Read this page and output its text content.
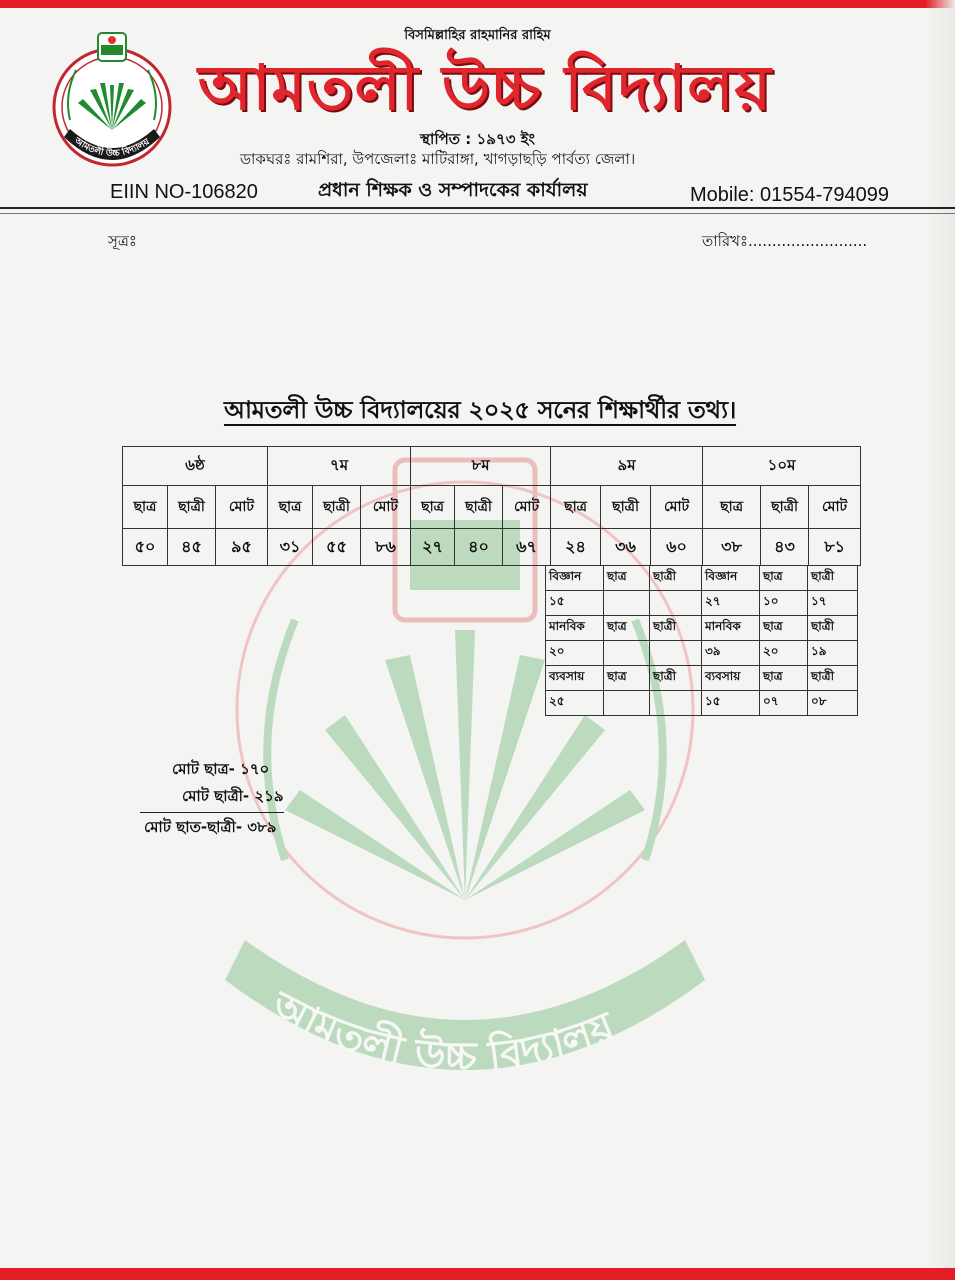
আমতলী উচ্চ বিদ্যালয়
বিসমিল্লাহির রাহমানির রাহিম
আমতলী উচ্চ বিদ্যালয়
স্থাপিত : ১৯৭৩ ইং
ডাকঘরঃ রামশিরা, উপজেলাঃ মাটিরাঙ্গা, খাগড়াছড়ি পার্বত্য জেলা।
EIIN NO-106820	প্রধান শিক্ষক ও সম্পাদকের কার্যালয়	Mobile: 01554-794099
সূত্রঃ	তারিখঃ.........................
আমতলী উচ্চ বিদ্যালয়
আমতলী উচ্চ বিদ্যালয়ের ২০২৫ সনের শিক্ষার্থীর তথ্য।
৬ষ্ঠ			৭ম			৮ম			৯ম			১০ম		
ছাত্র	ছাত্রী	মোট	ছাত্র	ছাত্রী	মোট	ছাত্র	ছাত্রী	মোট	ছাত্র	ছাত্রী	মোট	ছাত্র	ছাত্রী	মোট
৫০	৪৫	৯৫	৩১	৫৫	৮৬	২৭	৪০	৬৭	২৪	৩৬	৬০	৩৮	৪৩	৮১
বিজ্ঞান	ছাত্র	ছাত্রী	বিজ্ঞান	ছাত্র	ছাত্রী
১৫			২৭	১০	১৭
মানবিক	ছাত্র	ছাত্রী	মানবিক	ছাত্র	ছাত্রী
২০			৩৯	২০	১৯
ব্যবসায়	ছাত্র	ছাত্রী	ব্যবসায়	ছাত্র	ছাত্রী
২৫			১৫	০৭	০৮
মোট ছাত্র- ১৭০
মোট ছাত্রী- ২১৯
মোট ছাত-ছাত্রী- ৩৮৯
